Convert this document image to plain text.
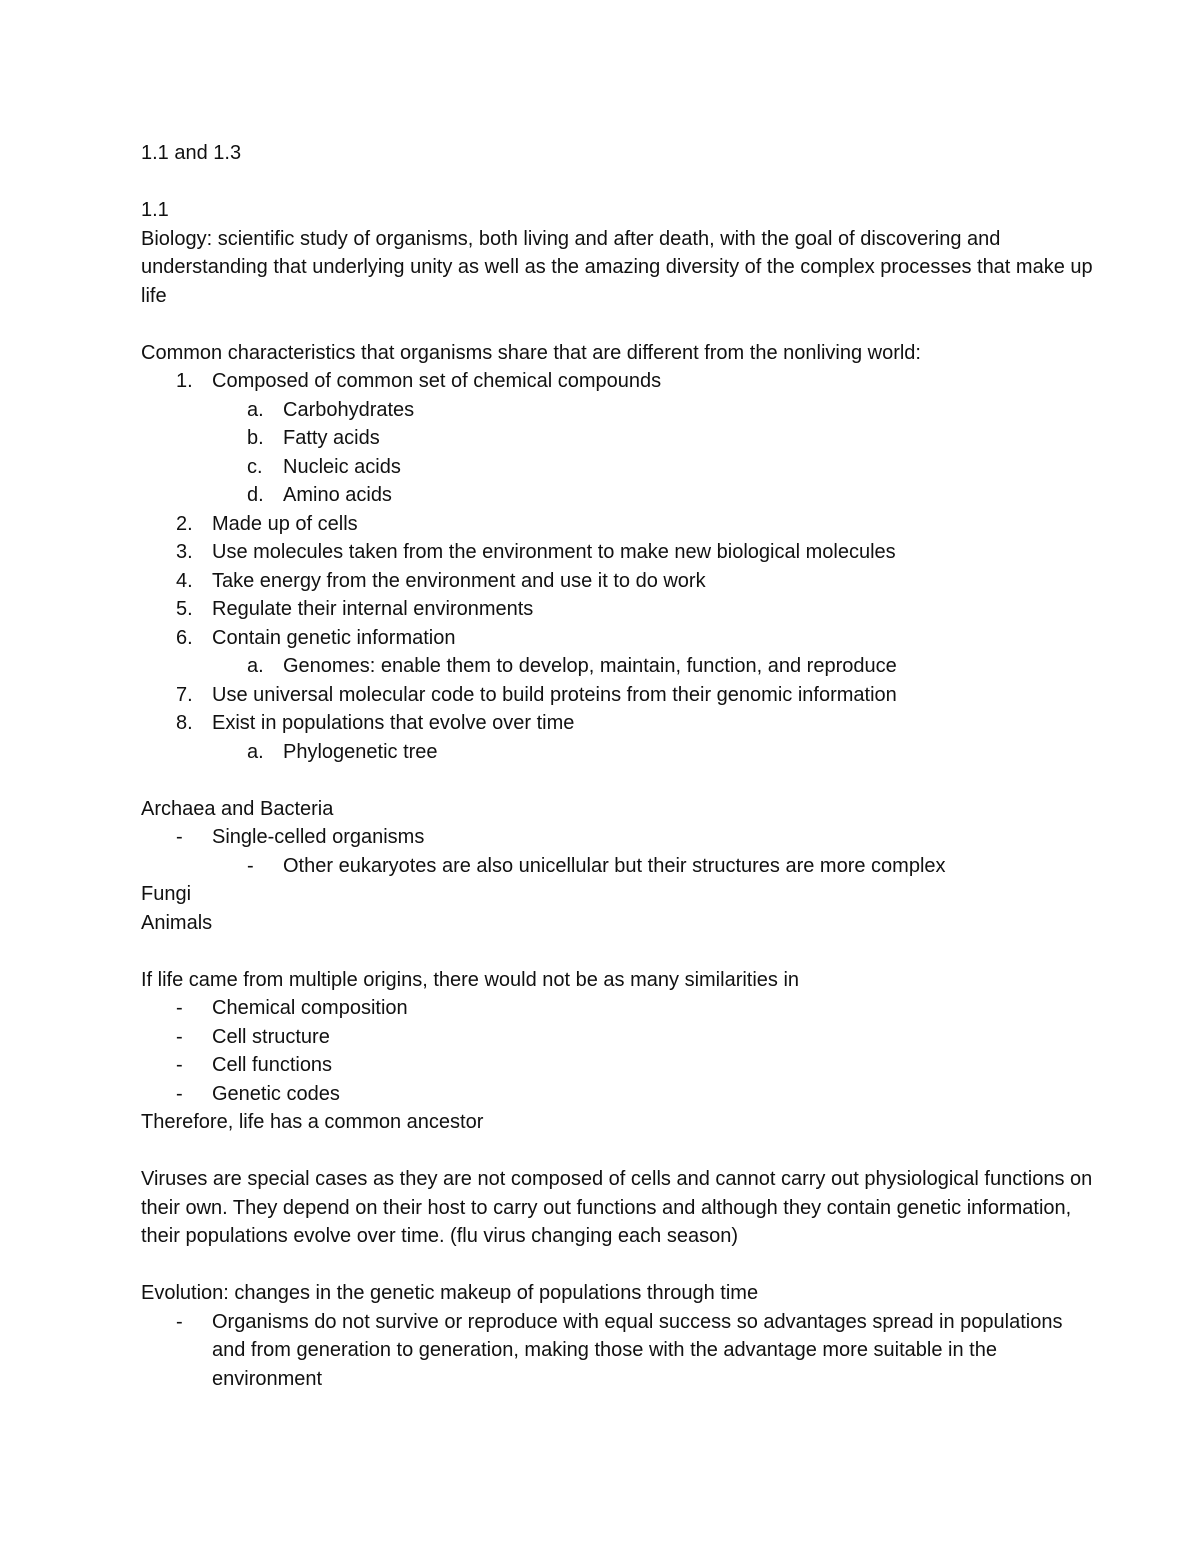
1.1 and 1.3

1.1

Biology: scientific study of organisms, both living and after death, with the goal of discovering and understanding that underlying unity as well as the amazing diversity of the complex processes that make up life

Common characteristics that organisms share that are different from the nonliving world:

1. Composed of common set of chemical compounds
a. Carbohydrates
b. Fatty acids
c. Nucleic acids
d. Amino acids
2. Made up of cells
3. Use molecules taken from the environment to make new biological molecules
4. Take energy from the environment and use it to do work
5. Regulate their internal environments
6. Contain genetic information
a. Genomes: enable them to develop, maintain, function, and reproduce
7. Use universal molecular code to build proteins from their genomic information
8. Exist in populations that evolve over time
a. Phylogenetic tree

Archaea and Bacteria

- Single-celled organisms
- Other eukaryotes are also unicellular but their structures are more complex

Fungi

Animals

If life came from multiple origins, there would not be as many similarities in

- Chemical composition
- Cell structure
- Cell functions
- Genetic codes

Therefore, life has a common ancestor

Viruses are special cases as they are not composed of cells and cannot carry out physiological functions on their own. They depend on their host to carry out functions and although they contain genetic information, their populations evolve over time. (flu virus changing each season)

Evolution: changes in the genetic makeup of populations through time

- Organisms do not survive or reproduce with equal success so advantages spread in populations and from generation to generation, making those with the advantage more suitable in the environment
